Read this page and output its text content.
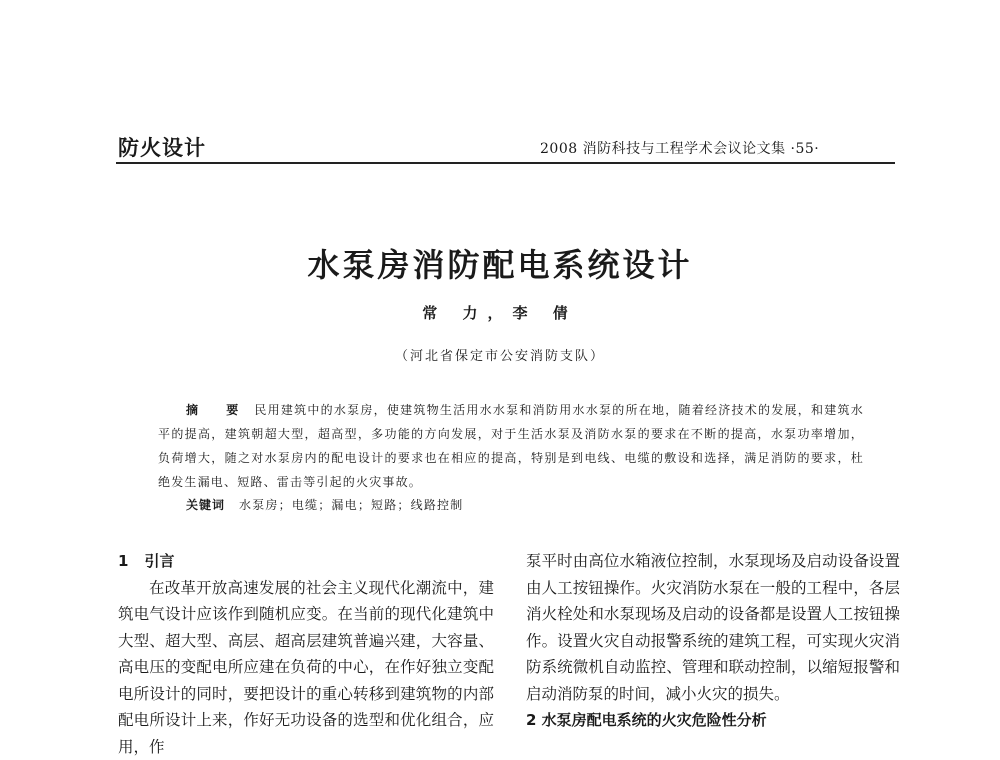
防火设计	2008 消防科技与工程学术会议论文集 ·55·
水泵房消防配电系统设计
常 力，李 倩
（河北省保定市公安消防支队）
摘 要 民用建筑中的水泵房，使建筑物生活用水水泵和消防用水水泵的所在地，随着经济技术的发展，和建筑水平的提高，建筑朝超大型，超高型，多功能的方向发展，对于生活水泵及消防水泵的要求在不断的提高，水泵功率增加，负荷增大，随之对水泵房内的配电设计的要求也在相应的提高，特别是到电线、电缆的敷设和选择，满足消防的要求，杜绝发生漏电、短路、雷击等引起的火灾事故。
关键词 水泵房；电缆；漏电；短路；线路控制
1 引言

在改革开放高速发展的社会主义现代化潮流中，建筑电气设计应该作到随机应变。在当前的现代化建筑中大型、超大型、高层、超高层建筑普遍兴建，大容量、高电压的变配电所应建在负荷的中心，在作好独立变配电所设计的同时，要把设计的重心转移到建筑物的内部配电所设计上来，作好无功设备的选型和优化组合，应用，作

泵平时由高位水箱液位控制，水泵现场及启动设备设置由人工按钮操作。火灾消防水泵在一般的工程中，各层消火栓处和水泵现场及启动的设备都是设置人工按钮操作。设置火灾自动报警系统的建筑工程，可实现火灾消防系统微机自动监控、管理和联动控制，以缩短报警和启动消防泵的时间，减小火灾的损失。

2 水泵房配电系统的火灾危险性分析
